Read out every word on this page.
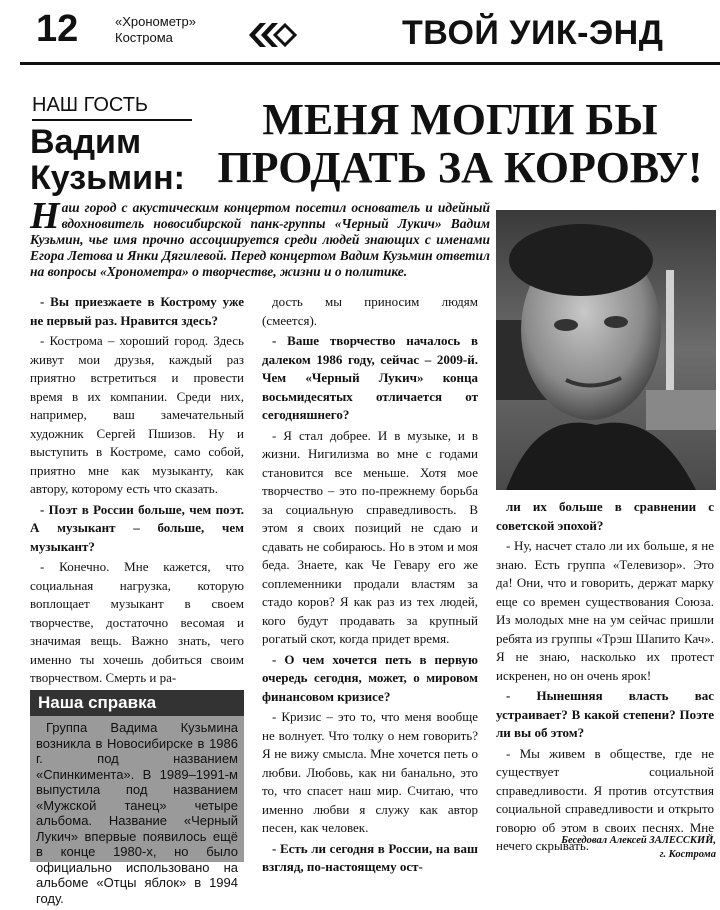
12	«Хронометр»
Кострома	ТВОЙ УИК-ЭНД
НАШ ГОСТЬ
Вадим
Кузьмин:
МЕНЯ МОГЛИ БЫ
ПРОДАТЬ ЗА КОРОВУ!
Наш город с акустическим концертом посетил основатель и идейный вдохновитель новосибирской панк-группы «Черный Лукич» Вадим Кузьмин, чье имя прочно ассоциируется среди людей знающих с именами Егора Летова и Янки Дягилевой. Перед концертом Вадим Кузьмин ответил на вопросы «Хронометра» о творчестве, жизни и о политике.

- Вы приезжаете в Кострому уже не первый раз. Нравится здесь?

- Кострома – хороший город. Здесь живут мои друзья, каждый раз приятно встретиться и провести время в их компании. Среди них, например, ваш замечательный художник Сергей Пшизов. Ну и выступить в Костроме, само собой, приятно мне как музыканту, как автору, которому есть что сказать.

- Поэт в России больше, чем поэт. А музыкант – больше, чем музыкант?

- Конечно. Мне кажется, что социальная нагрузка, которую воплощает музыкант в своем творчестве, достаточно весомая и значимая вещь. Важно знать, чего именно ты хочешь добиться своим творчеством. Смерть и ра-

дость мы приносим людям (смеется).

- Ваше творчество началось в далеком 1986 году, сейчас – 2009-й. Чем «Черный Лукич» конца восьмидесятых отличается от сегодняшнего?

- Я стал добрее. И в музыке, и в жизни. Нигилизма во мне с годами становится все меньше. Хотя мое творчество – это по-прежнему борьба за социальную справедливость. В этом я своих позиций не сдаю и сдавать не собираюсь. Но в этом и моя беда. Знаете, как Че Гевару его же соплеменники продали властям за стадо коров? Я как раз из тех людей, кого будут продавать за крупный рогатый скот, когда придет время.

- О чем хочется петь в первую очередь сегодня, может, о мировом финансовом кризисе?

- Кризис – это то, что меня вообще не волнует. Что толку о нем говорить? Я не вижу смысла. Мне хочется петь о любви. Любовь, как ни банально, это то, что спасет наш мир. Считаю, что именно любви я служу как автор песен, как человек.

- Есть ли сегодня в России, на ваш взгляд, по-настоящему ост-

ли их больше в сравнении с советской эпохой?

- Ну, насчет стало ли их больше, я не знаю. Есть группа «Телевизор». Это да! Они, что и говорить, держат марку еще со времен существования Союза. Из молодых мне на ум сейчас пришли ребята из группы «Трэш Шапито Кач». Я не знаю, насколько их протест искренен, но он очень ярок!

- Нынешняя власть вас устраивает? В какой степени? Поэте ли вы об этом?

- Мы живем в обществе, где не существует социальной справедливости. Я против отсутствия социальной справедливости и открыто говорю об этом в своих песнях. Мне нечего скрывать.

Наша справка
Группа Вадима Кузьмина возникла в Новосибирске в 1986 г. под названием «Спинкимента». В 1989–1991-м выпустила под названием «Мужской танец» четыре альбома. Название «Черный Лукич» впервые появилось ещё в конце 1980-х, но было официально использовано на альбоме «Отцы яблок» в 1994 году.
Беседовал Алексей ЗАЛЕССКИЙ,
г. Кострома
